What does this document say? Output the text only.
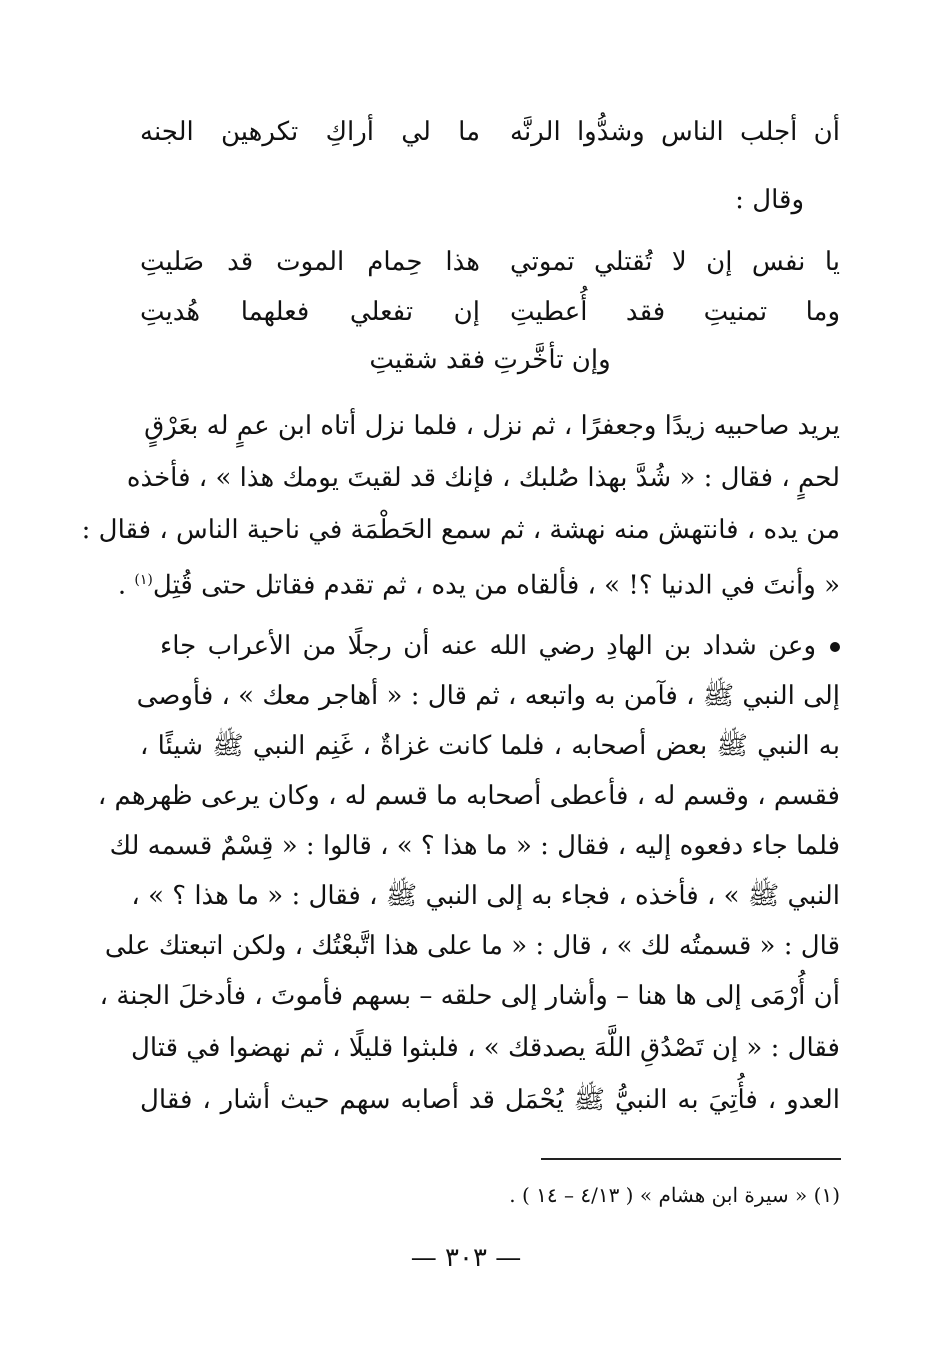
أن أجلب الناس وشدُّوا الرنَّه
ما لي أراكِ تكرهين الجنه
وقال :
يا نفس إن لا تُقتلي تموتي
هذا حِمام الموت قد صَليتِ
وما تمنيتِ فقد أُعطيتِ
إن تفعلي فعلهما هُديتِ
وإن تأخَّرتِ فقد شقيتِ
يريد صاحبيه زيدًا وجعفرًا ، ثم نزل ، فلما نزل أتاه ابن عمٍ له بعَرْقٍ
لحمٍ ، فقال : « شُدَّ بهذا صُلبك ، فإنك قد لقيتَ يومك هذا » ، فأخذه
من يده ، فانتهش منه نهشة ، ثم سمع الحَطْمَة في ناحية الناس ، فقال :
« وأنتَ في الدنيا ؟! » ، فألقاه من يده ، ثم تقدم فقاتل حتى قُتِل$^{(١)}$ .
وعن شداد بن الهادِ رضي الله عنه أن رجلًا من الأعراب جاء
إلى النبي ﷺ ، فآمن به واتبعه ، ثم قال : « أهاجر معك » ، فأوصى
به النبي ﷺ بعض أصحابه ، فلما كانت غزاةٌ ، غَنِم النبي ﷺ شيئًا ،
فقسم ، وقسم له ، فأعطى أصحابه ما قسم له ، وكان يرعى ظهرهم ،
فلما جاء دفعوه إليه ، فقال : « ما هذا ؟ » ، قالوا : « قِسْمٌ قسمه لك
النبي ﷺ » ، فأخذه ، فجاء به إلى النبي ﷺ ، فقال : « ما هذا ؟ » ،
قال : « قسمتُه لك » ، قال : « ما على هذا اتَّبعْتُك ، ولكن اتبعتك على
أن أُرْمَى إلى ها هنا – وأشار إلى حلقه – بسهم فأموتَ ، فأدخلَ الجنة ،
فقال : « إن تَصْدُقِ اللَّهَ يصدقك » ، فلبثوا قليلًا ، ثم نهضوا في قتال
العدو ، فأُتِيَ به النبيُّ ﷺ يُحْمَل قد أصابه سهم حيث أشار ، فقال
(١) « سيرة ابن هشام » ( ٤/١٣ – ١٤ ) .
— ٣٠٣ —
